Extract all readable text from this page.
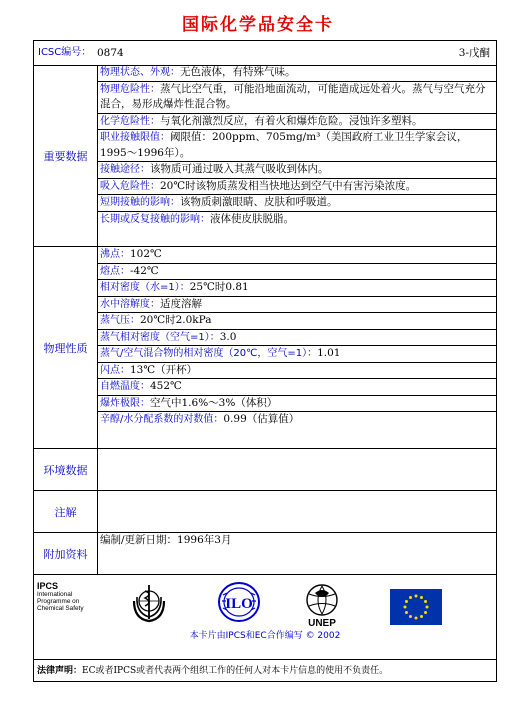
国际化学品安全卡
ICSC编号： 0874	3-戊酮
重要数据
物理状态、外观：无色液体，有特殊气味。
物理危险性：蒸气比空气重，可能沿地面流动，可能造成远处着火。蒸气与空气充分混合，易形成爆炸性混合物。
化学危险性：与氧化剂激烈反应，有着火和爆炸危险。浸蚀许多塑料。
职业接触限值：阈限值：200ppm、705mg/m³（美国政府工业卫生学家会议，1995～1996年）。
接触途径：该物质可通过吸入其蒸气吸收到体内。
吸入危险性：20℃时该物质蒸发相当快地达到空气中有害污染浓度。
短期接触的影响：该物质刺激眼睛、皮肤和呼吸道。
长期或反复接触的影响：液体使皮肤脱脂。
物理性质
沸点：102℃
熔点：-42℃
相对密度（水=1）：25℃时0.81
水中溶解度：适度溶解
蒸气压：20℃时2.0kPa
蒸气相对密度（空气=1）：3.0
蒸气/空气混合物的相对密度（20℃，空气=1）：1.01
闪点：13℃（开杯）
自燃温度：452℃
爆炸极限：空气中1.6%～3%（体积）
辛醇/水分配系数的对数值：0.99（估算值）
环境数据
注解
附加资料
编制/更新日期：1996年3月
IPCS
International
Programme on
Chemical Safety	ILO
UNEP
本卡片由IPCS和EC合作编写 © 2002
法律声明：EC或者IPCS或者代表两个组织工作的任何人对本卡片信息的使用不负责任。
